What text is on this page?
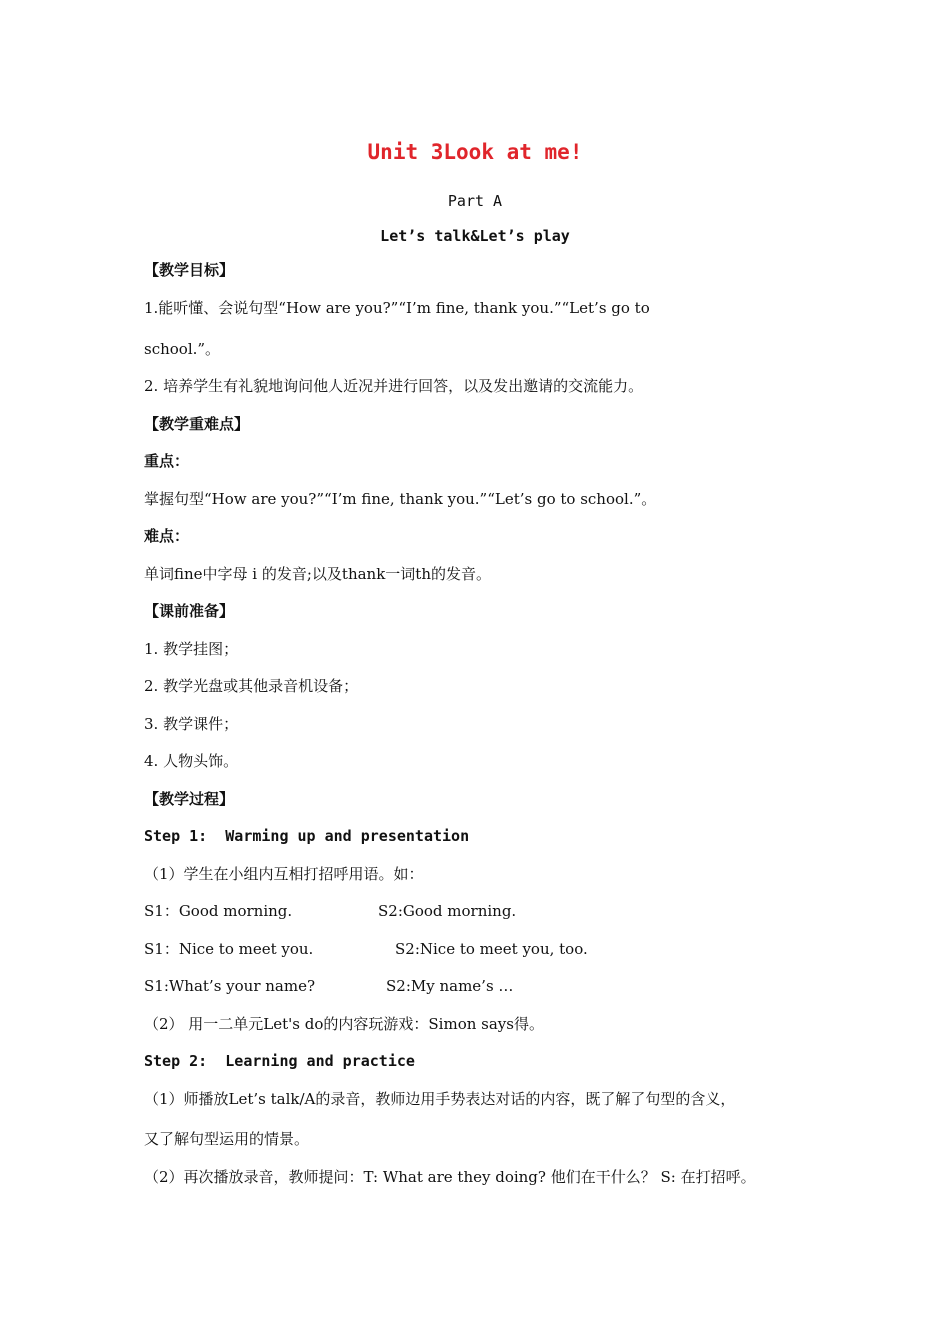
Unit 3Look at me!
Part A
Let’s talk&Let’s play
【教学目标】
1.能听懂、会说句型“How are you?”“I’m fine, thank you.”“Let’s go to
school.”。
2. 培养学生有礼貌地询问他人近况并进行回答，以及发出邀请的交流能力。
【教学重难点】
重点：
掌握句型“How are you?”“I’m fine, thank you.”“Let’s go to school.”。
难点：
单词fine中字母 i 的发音;以及thank一词th的发音。
【课前准备】
1. 教学挂图；
2. 教学光盘或其他录音机设备；
3. 教学课件；
4. 人物头饰。
【教学过程】
Step 1:  Warming up and presentation
（1）学生在小组内互相打招呼用语。如：
S1：Good morning.	S2:Good morning.
S1：Nice to meet you.	S2:Nice to meet you, too.
S1:What’s your name?	S2:My name’s …
（2） 用一二单元Let's do的内容玩游戏：Simon says得。
Step 2:  Learning and practice
（1）师播放Let’s talk/A的录音，教师边用手势表达对话的内容，既了解了句型的含义，
又了解句型运用的情景。
（2）再次播放录音，教师提问：T: What are they doing? 他们在干什么？ S: 在打招呼。
